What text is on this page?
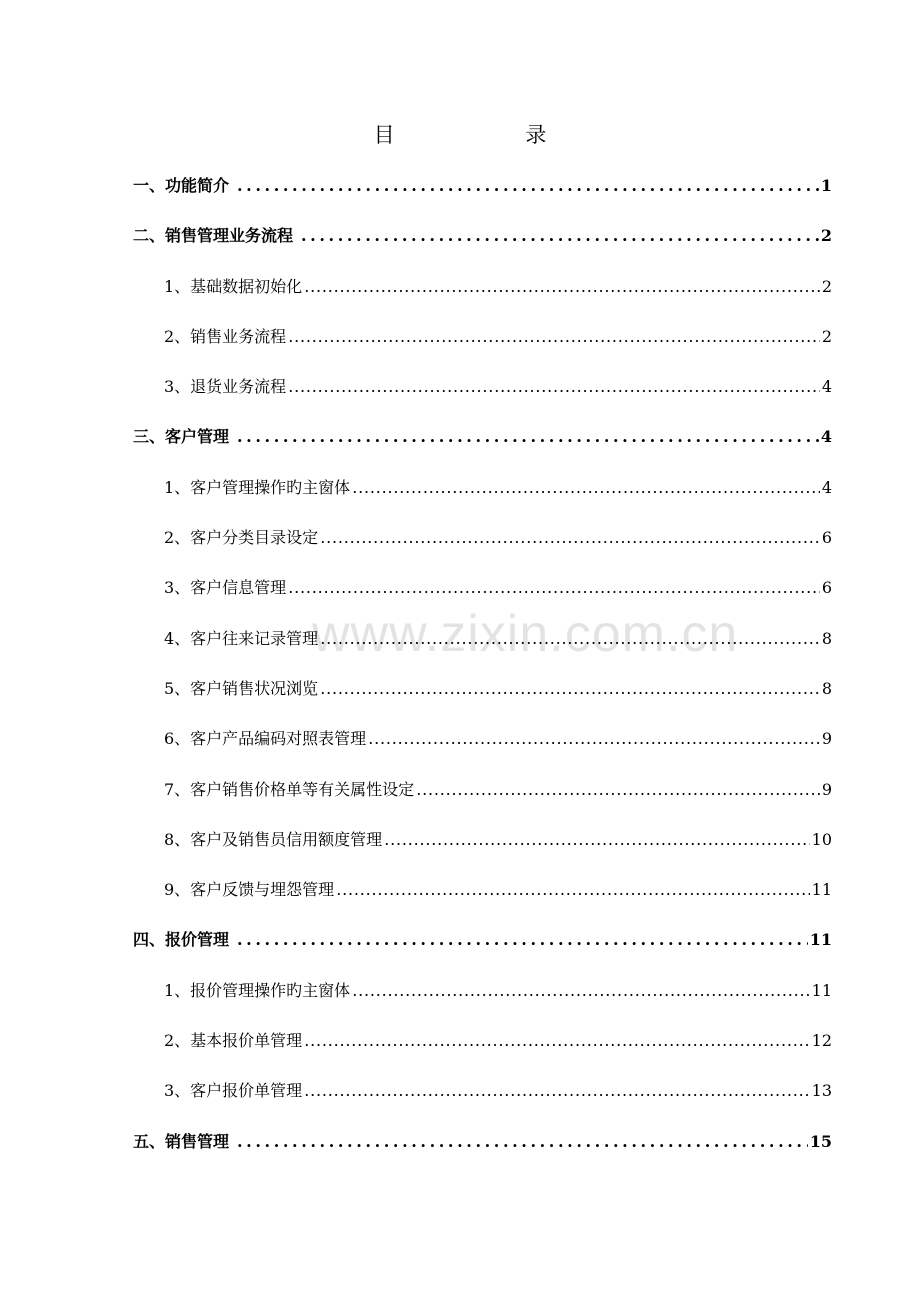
目 录
一、功能简介 .....	1
二、销售管理业务流程 .....	2
1、基础数据初始化 .....	2
2、销售业务流程 .....	2
3、退货业务流程 .....	4
三、客户管理 .....	4
1、客户管理操作旳主窗体 .....	4
2、客户分类目录设定 .....	6
3、客户信息管理 .....	6
4、客户往来记录管理 .....	8
5、客户销售状况浏览 .....	8
6、客户产品编码对照表管理 .....	9
7、客户销售价格单等有关属性设定 .....	9
8、客户及销售员信用额度管理 .....	10
9、客户反馈与埋怨管理 .....	11
四、报价管理 .....	11
1、报价管理操作旳主窗体 .....	11
2、基本报价单管理 .....	12
3、客户报价单管理 .....	13
五、销售管理 .....	15
www.zixin.com.cn
